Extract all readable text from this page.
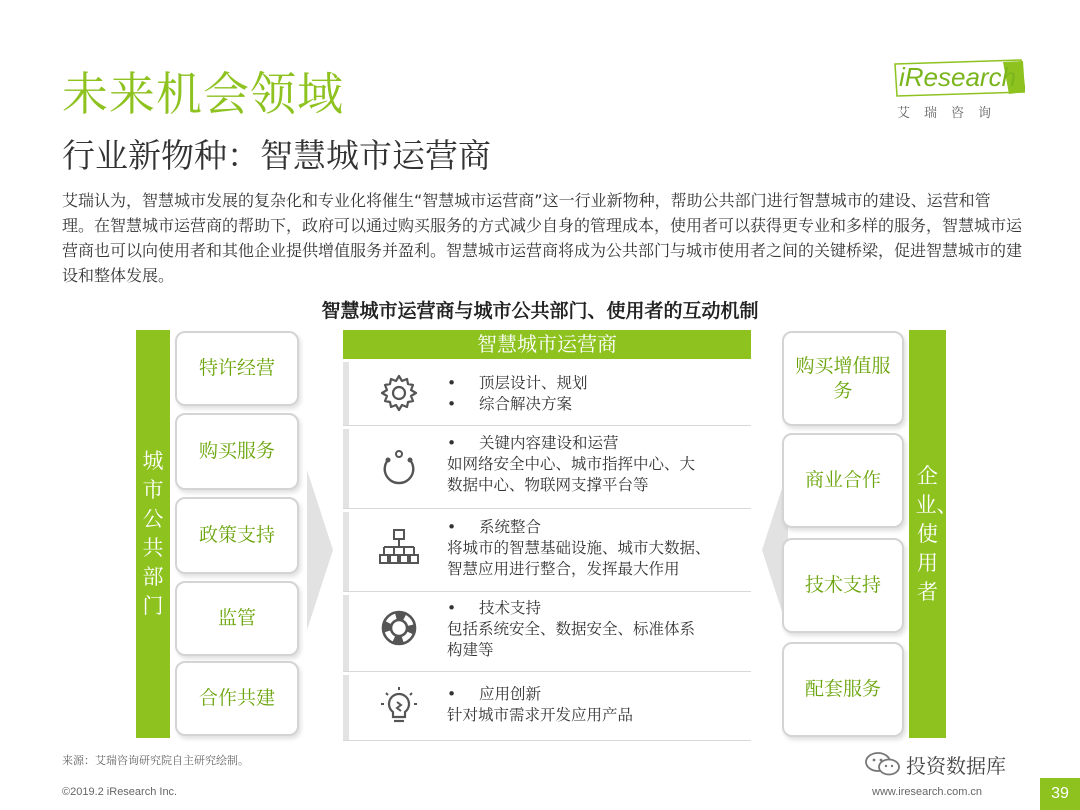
未来机会领域
行业新物种：智慧城市运营商
iResearch
艾瑞咨询
艾瑞认为，智慧城市发展的复杂化和专业化将催生“智慧城市运营商”这一行业新物种，帮助公共部门进行智慧城市的建设、运营和管理。在智慧城市运营商的帮助下，政府可以通过购买服务的方式减少自身的管理成本，使用者可以获得更专业和多样的服务，智慧城市运营商也可以向使用者和其他企业提供增值服务并盈利。智慧城市运营商将成为公共部门与城市使用者之间的关键桥梁，促进智慧城市的建设和整体发展。
智慧城市运营商与城市公共部门、使用者的互动机制
城市公共部门
特许经营
购买服务
政策支持
监管
合作共建
智慧城市运营商
• 顶层设计、规划
• 综合解决方案
• 关键内容建设和运营
如网络安全中心、城市指挥中心、大
数据中心、物联网支撑平台等
• 系统整合
将城市的智慧基础设施、城市大数据、
智慧应用进行整合，发挥最大作用
• 技术支持
包括系统安全、数据安全、标准体系
构建等
• 应用创新
针对城市需求开发应用产品
购买增值服务
商业合作
技术支持
配套服务
企业、使用者
来源：艾瑞咨询研究院自主研究绘制。
©2019.2 iResearch Inc.	www.iresearch.com.cn	39
投资数据库
